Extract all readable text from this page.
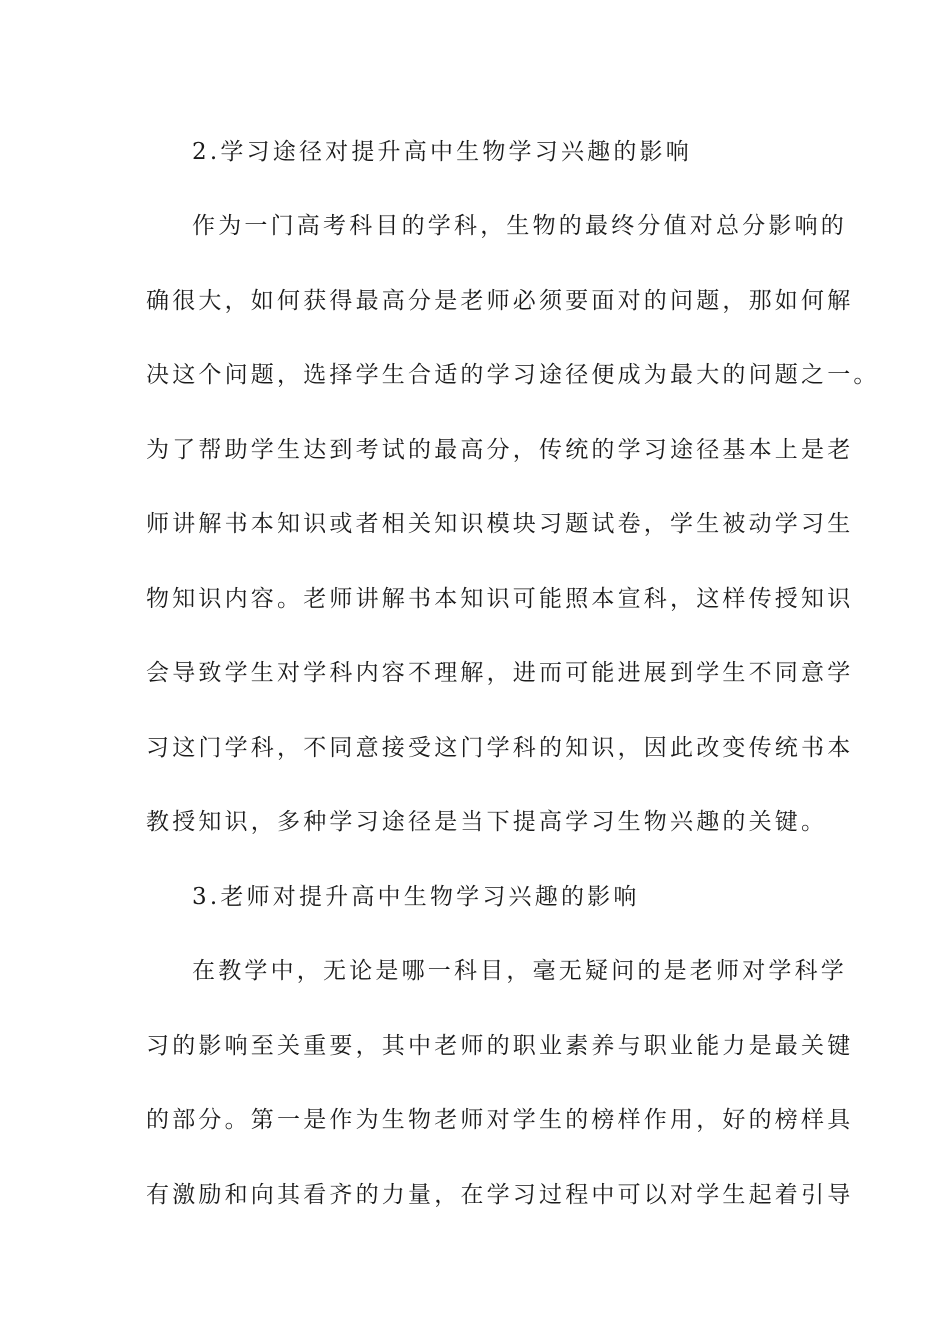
2.学习途径对提升高中生物学习兴趣的影响
作为一门高考科目的学科，生物的最终分值对总分影响的
确很大，如何获得最高分是老师必须要面对的问题，那如何解
决这个问题，选择学生合适的学习途径便成为最大的问题之一。
为了帮助学生达到考试的最高分，传统的学习途径基本上是老
师讲解书本知识或者相关知识模块习题试卷，学生被动学习生
物知识内容。老师讲解书本知识可能照本宣科，这样传授知识
会导致学生对学科内容不理解，进而可能进展到学生不同意学
习这门学科，不同意接受这门学科的知识，因此改变传统书本
教授知识，多种学习途径是当下提高学习生物兴趣的关键。
3.老师对提升高中生物学习兴趣的影响
在教学中，无论是哪一科目，毫无疑问的是老师对学科学
习的影响至关重要，其中老师的职业素养与职业能力是最关键
的部分。第一是作为生物老师对学生的榜样作用，好的榜样具
有激励和向其看齐的力量，在学习过程中可以对学生起着引导
